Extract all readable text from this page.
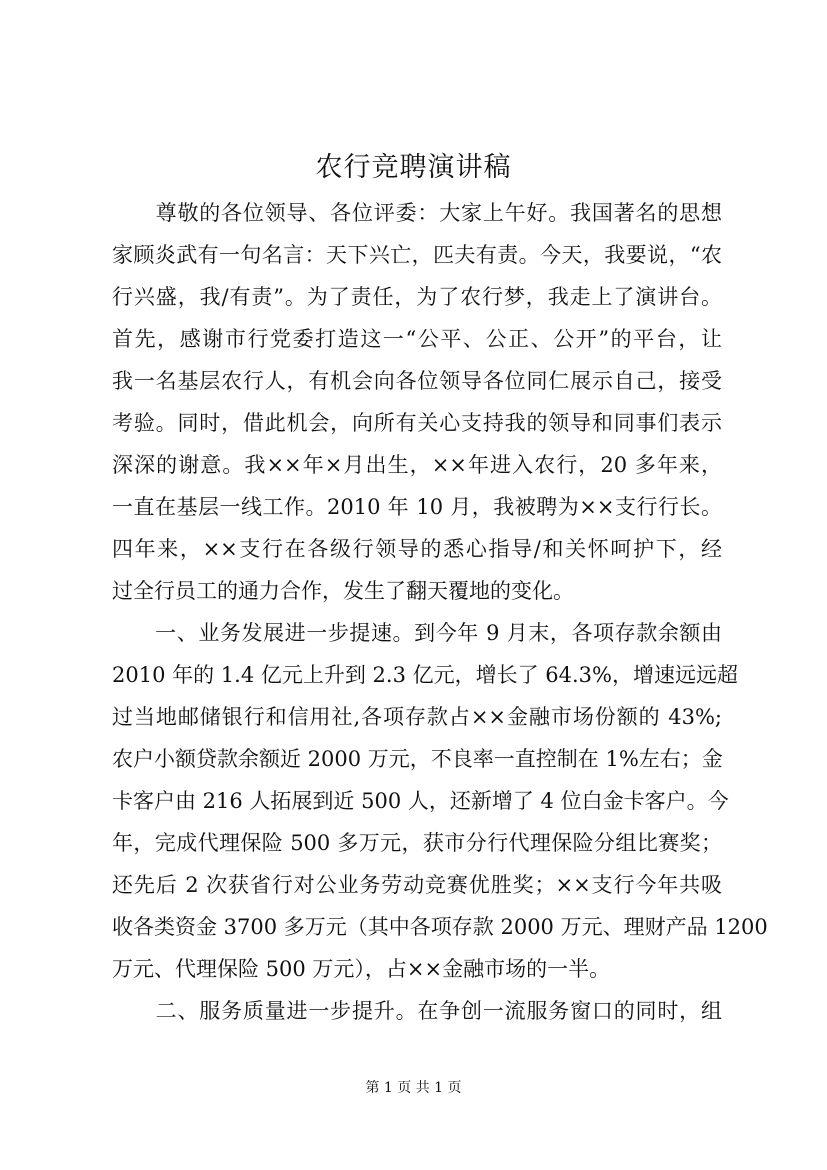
农行竞聘演讲稿
　　尊敬的各位领导、各位评委：大家上午好。我国著名的思想
家顾炎武有一句名言：天下兴亡，匹夫有责。今天，我要说，“农
行兴盛，我/有责”。为了责任，为了农行梦，我走上了演讲台。
首先，感谢市行党委打造这一“公平、公正、公开”的平台，让
我一名基层农行人，有机会向各位领导各位同仁展示自己，接受
考验。同时，借此机会，向所有关心支持我的领导和同事们表示
深深的谢意。我××年×月出生，××年进入农行，20 多年来，
一直在基层一线工作。2010 年 10 月，我被聘为××支行行长。
四年来，××支行在各级行领导的悉心指导/和关怀呵护下，经
过全行员工的通力合作，发生了翻天覆地的变化。
　　一、业务发展进一步提速。到今年 9 月末，各项存款余额由
2010 年的 1.4 亿元上升到 2.3 亿元，增长了 64.3%，增速远远超
过当地邮储银行和信用社,各项存款占××金融市场份额的 43%;
农户小额贷款余额近 2000 万元，不良率一直控制在 1%左右；金
卡客户由 216 人拓展到近 500 人，还新增了 4 位白金卡客户。今
年，完成代理保险 500 多万元，获市分行代理保险分组比赛奖；
还先后 2 次获省行对公业务劳动竞赛优胜奖；××支行今年共吸
收各类资金 3700 多万元（其中各项存款 2000 万元、理财产品 1200
万元、代理保险 500 万元），占××金融市场的一半。
　　二、服务质量进一步提升。在争创一流服务窗口的同时，组
第 1 页 共 1 页
